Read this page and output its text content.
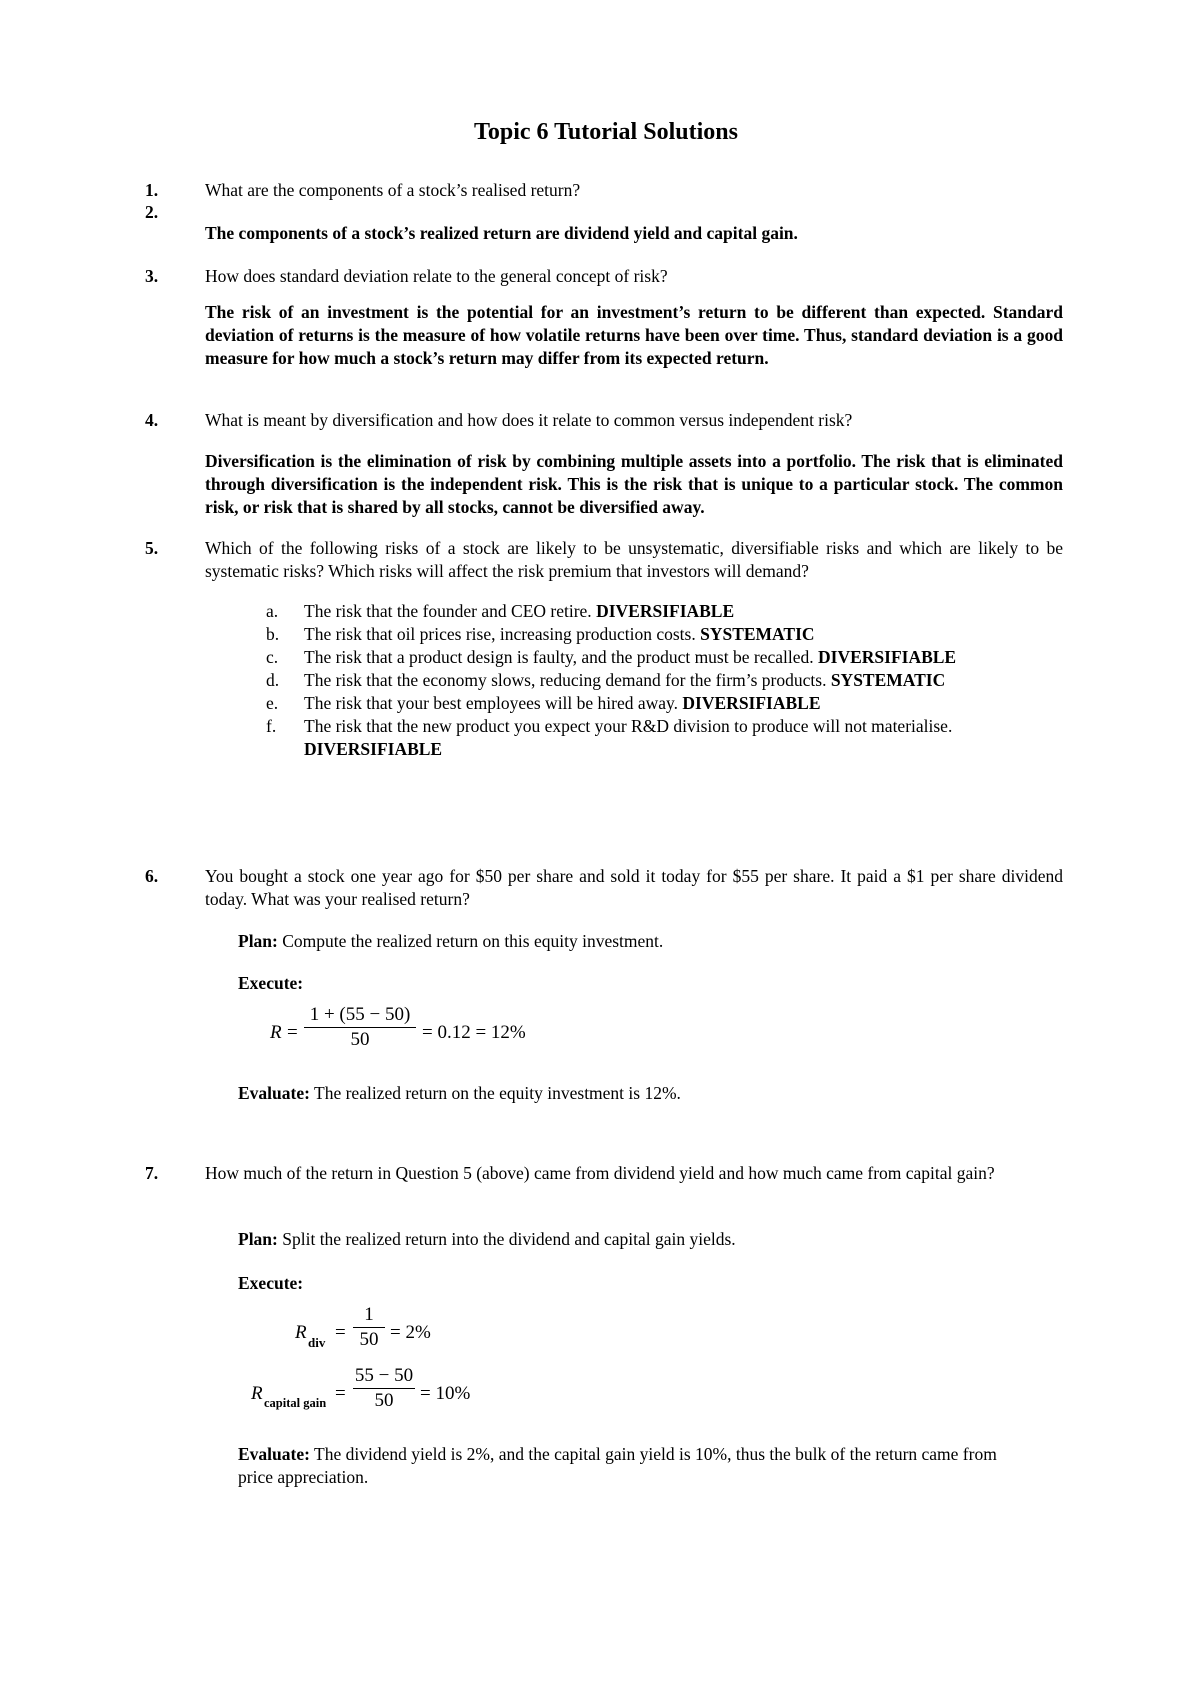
Topic 6 Tutorial Solutions
1.	What are the components of a stock’s realised return?
2.
The components of a stock’s realized return are dividend yield and capital gain.
3.	How does standard deviation relate to the general concept of risk?
The risk of an investment is the potential for an investment’s return to be different than expected. Standard deviation of returns is the measure of how volatile returns have been over time. Thus, standard deviation is a good measure for how much a stock’s return may differ from its expected return.
4.	What is meant by diversification and how does it relate to common versus independent risk?
Diversification is the elimination of risk by combining multiple assets into a portfolio. The risk that is eliminated through diversification is the independent risk. This is the risk that is unique to a particular stock. The common risk, or risk that is shared by all stocks, cannot be diversified away.
5.	Which of the following risks of a stock are likely to be unsystematic, diversifiable risks and which are likely to be systematic risks? Which risks will affect the risk premium that investors will demand?
a. The risk that the founder and CEO retire. DIVERSIFIABLE
b. The risk that oil prices rise, increasing production costs. SYSTEMATIC
c. The risk that a product design is faulty, and the product must be recalled. DIVERSIFIABLE
d. The risk that the economy slows, reducing demand for the firm’s products. SYSTEMATIC
e. The risk that your best employees will be hired away. DIVERSIFIABLE
f. The risk that the new product you expect your R&D division to produce will not materialise.
DIVERSIFIABLE
6.	You bought a stock one year ago for $50 per share and sold it today for $55 per share. It paid a $1 per share dividend today. What was your realised return?
Plan: Compute the realized return on this equity investment.
Execute:
R =
1 + (55 − 50)
50	= 0.12 = 12%
Evaluate: The realized return on the equity investment is 12%.
7.	How much of the return in Question 5 (above) came from dividend yield and how much came from capital gain?
Plan: Split the realized return into the dividend and capital gain yields.
Execute:
R div =
1
50 = 2%
R capital gain =
55 − 50
50	= 10%
Evaluate: The dividend yield is 2%, and the capital gain yield is 10%, thus the bulk of the return came from price appreciation.
